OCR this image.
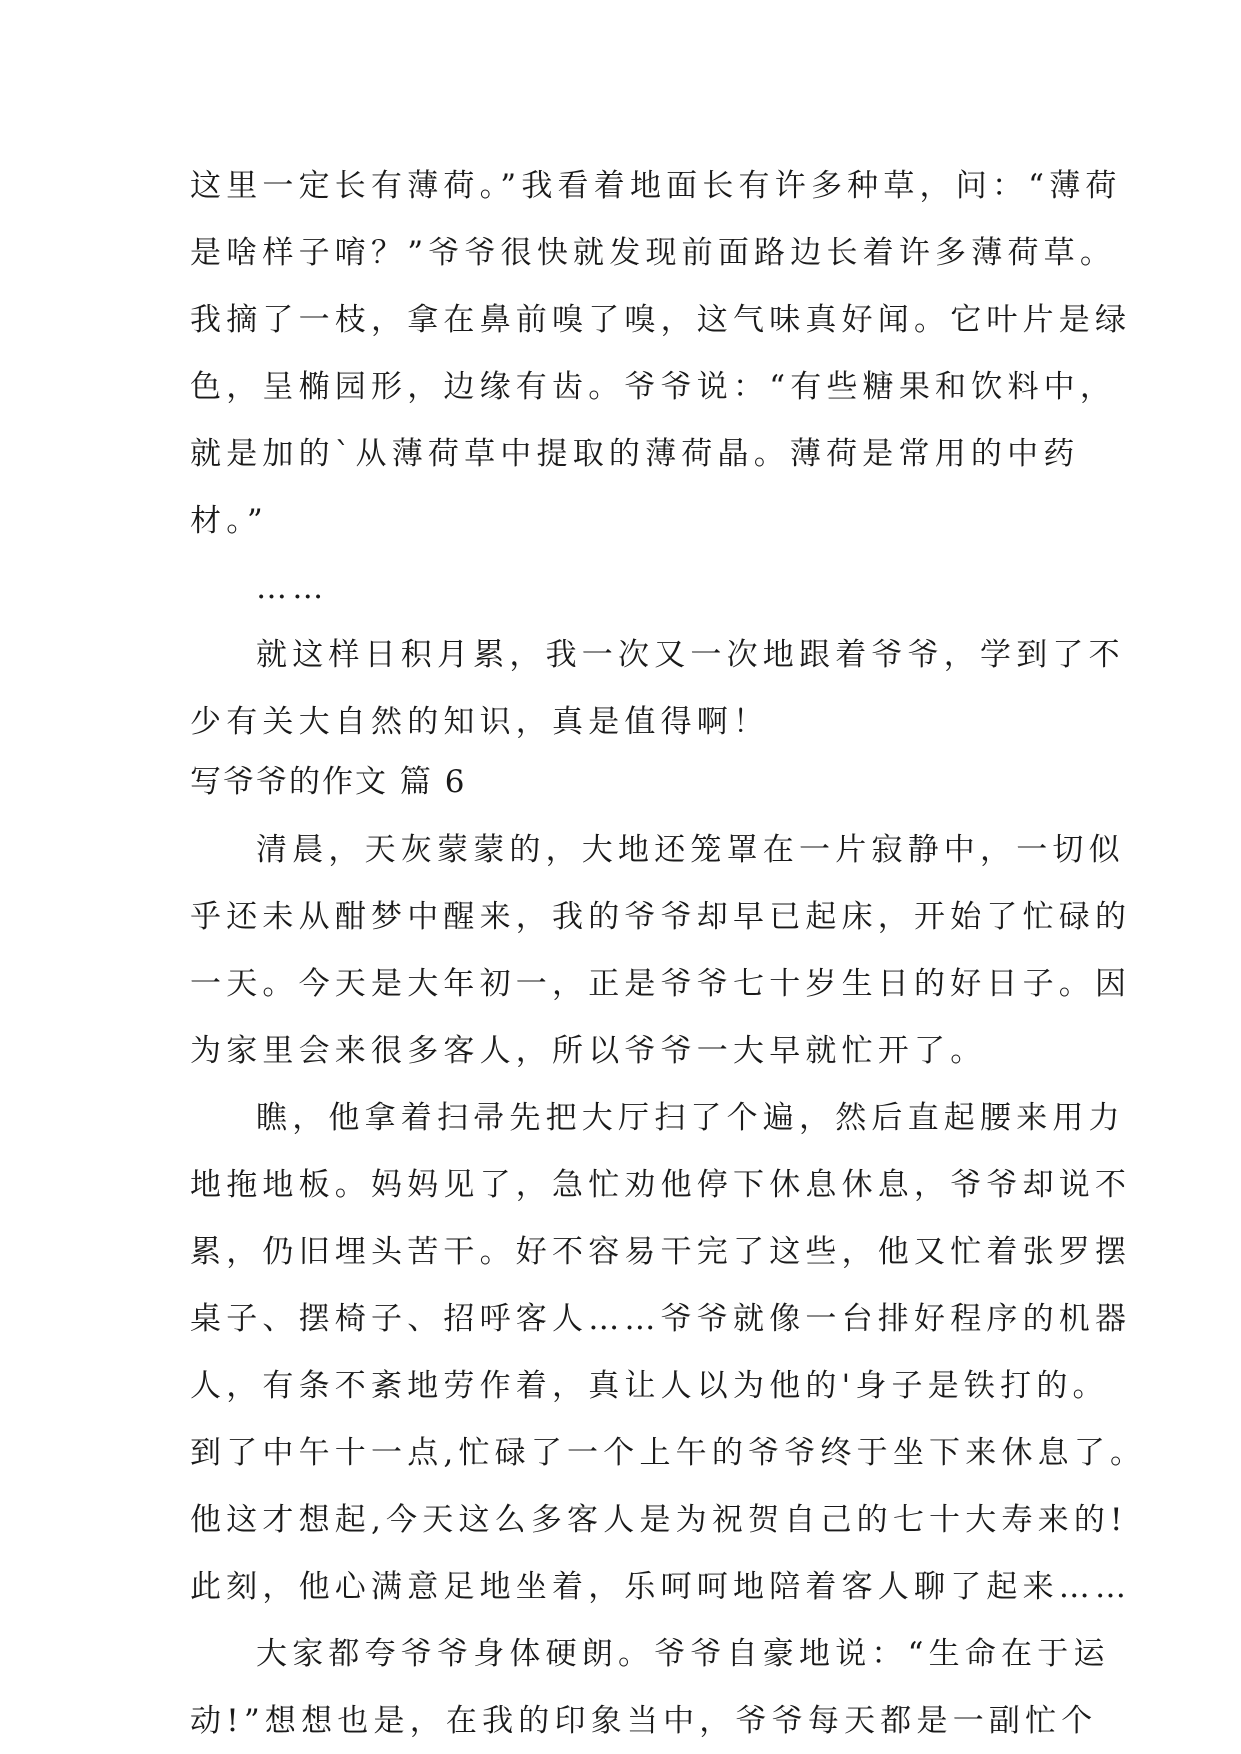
这里一定长有薄荷。”我看着地面长有许多种草，问：“薄荷
是啥样子唷？”爷爷很快就发现前面路边长着许多薄荷草。
我摘了一枝，拿在鼻前嗅了嗅，这气味真好闻。它叶片是绿
色，呈椭园形，边缘有齿。爷爷说：“有些糖果和饮料中，
就是加的`从薄荷草中提取的薄荷晶。薄荷是常用的中药
材。”
……
就这样日积月累，我一次又一次地跟着爷爷，学到了不
少有关大自然的知识，真是值得啊！
写爷爷的作文 篇 6
清晨，天灰蒙蒙的，大地还笼罩在一片寂静中，一切似
乎还未从酣梦中醒来，我的爷爷却早已起床，开始了忙碌的
一天。今天是大年初一，正是爷爷七十岁生日的好日子。因
为家里会来很多客人，所以爷爷一大早就忙开了。
瞧，他拿着扫帚先把大厅扫了个遍，然后直起腰来用力
地拖地板。妈妈见了，急忙劝他停下休息休息，爷爷却说不
累，仍旧埋头苦干。好不容易干完了这些，他又忙着张罗摆
桌子、摆椅子、招呼客人……爷爷就像一台排好程序的机器
人，有条不紊地劳作着，真让人以为他的'身子是铁打的。
到了中午十一点,忙碌了一个上午的爷爷终于坐下来休息了。
他这才想起,今天这么多客人是为祝贺自己的七十大寿来的!
此刻，他心满意足地坐着，乐呵呵地陪着客人聊了起来……
大家都夸爷爷身体硬朗。爷爷自豪地说：“生命在于运
动!”想想也是，在我的印象当中，爷爷每天都是一副忙个
